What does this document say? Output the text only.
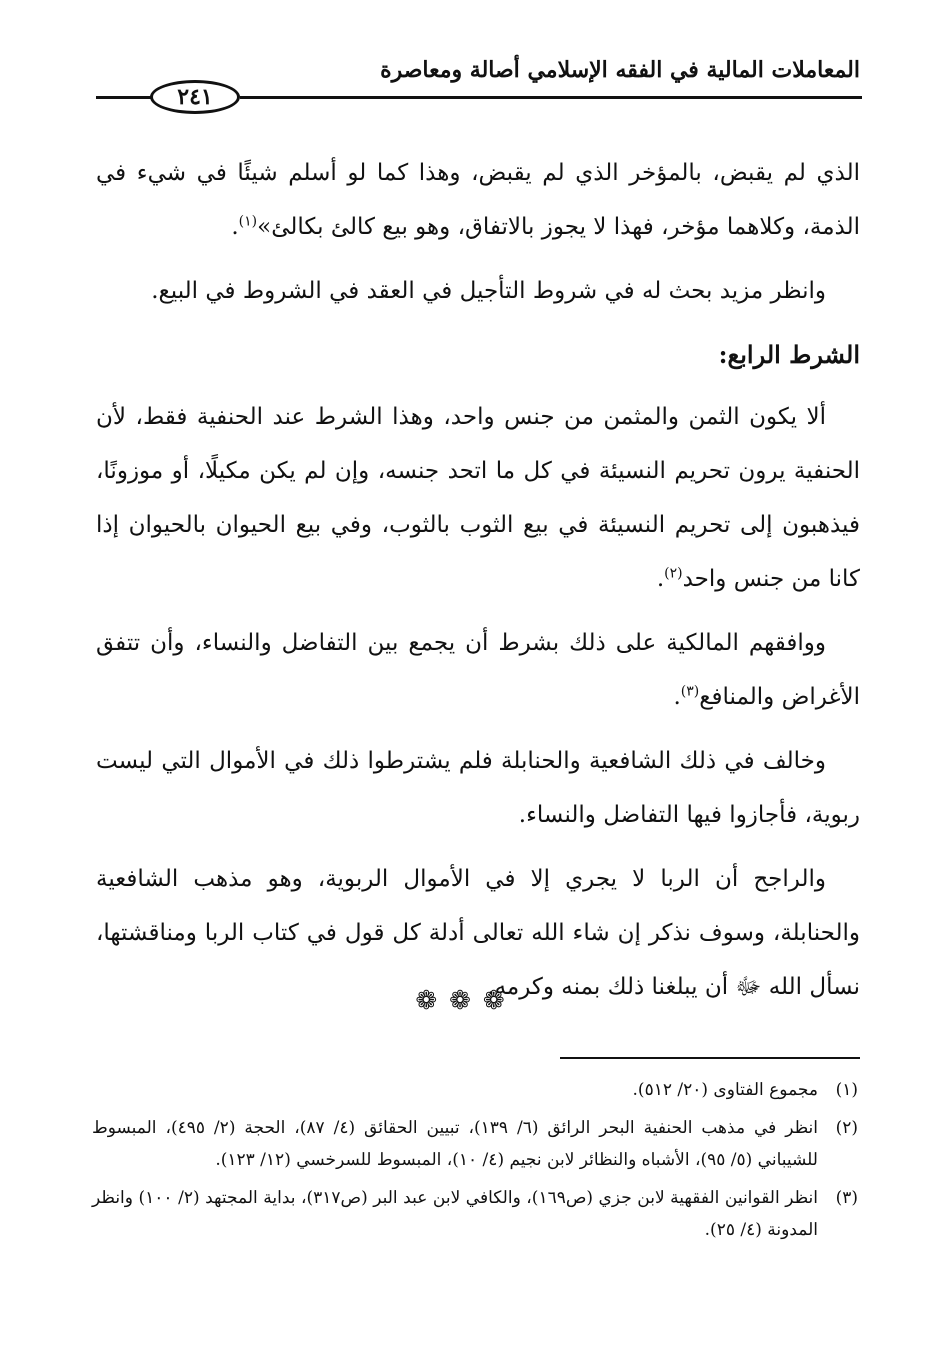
المعاملات المالية في الفقه الإسلامي أصالة ومعاصرة
٢٤١

الذي لم يقبض، بالمؤخر الذي لم يقبض، وهذا كما لو أسلم شيئًا في شيء في الذمة، وكلاهما مؤخر، فهذا لا يجوز بالاتفاق، وهو بيع كالئ بكالئ»$^{(١)}$.

وانظر مزيد بحث له في شروط التأجيل في العقد في الشروط في البيع.

الشرط الرابع:

ألا يكون الثمن والمثمن من جنس واحد، وهذا الشرط عند الحنفية فقط، لأن الحنفية يرون تحريم النسيئة في كل ما اتحد جنسه، وإن لم يكن مكيلًا، أو موزونًا، فيذهبون إلى تحريم النسيئة في بيع الثوب بالثوب، وفي بيع الحيوان بالحيوان إذا كانا من جنس واحد$^{(٢)}$.

ووافقهم المالكية على ذلك بشرط أن يجمع بين التفاضل والنساء، وأن تتفق الأغراض والمنافع$^{(٣)}$.

وخالف في ذلك الشافعية والحنابلة فلم يشترطوا ذلك في الأموال التي ليست ربوية، فأجازوا فيها التفاضل والنساء.

والراجح أن الربا لا يجري إلا في الأموال الربوية، وهو مذهب الشافعية والحنابلة، وسوف نذكر إن شاء الله تعالى أدلة كل قول في كتاب الربا ومناقشتها، نسأل الله ﷻ أن يبلغنا ذلك بمنه وكرمه.

❁❁❁
(١)
مجموع الفتاوى (٢٠/ ٥١٢).
(٢)
انظر في مذهب الحنفية البحر الرائق (٦/ ١٣٩)، تبيين الحقائق (٤/ ٨٧)، الحجة (٢/ ٤٩٥)، المبسوط للشيباني (٥/ ٩٥)، الأشباه والنظائر لابن نجيم (٤/ ١٠)، المبسوط للسرخسي (١٢/ ١٢٣).
(٣)
انظر القوانين الفقهية لابن جزي (ص١٦٩)، والكافي لابن عبد البر (ص٣١٧)، بداية المجتهد (٢/ ١٠٠) وانظر المدونة (٤/ ٢٥).
